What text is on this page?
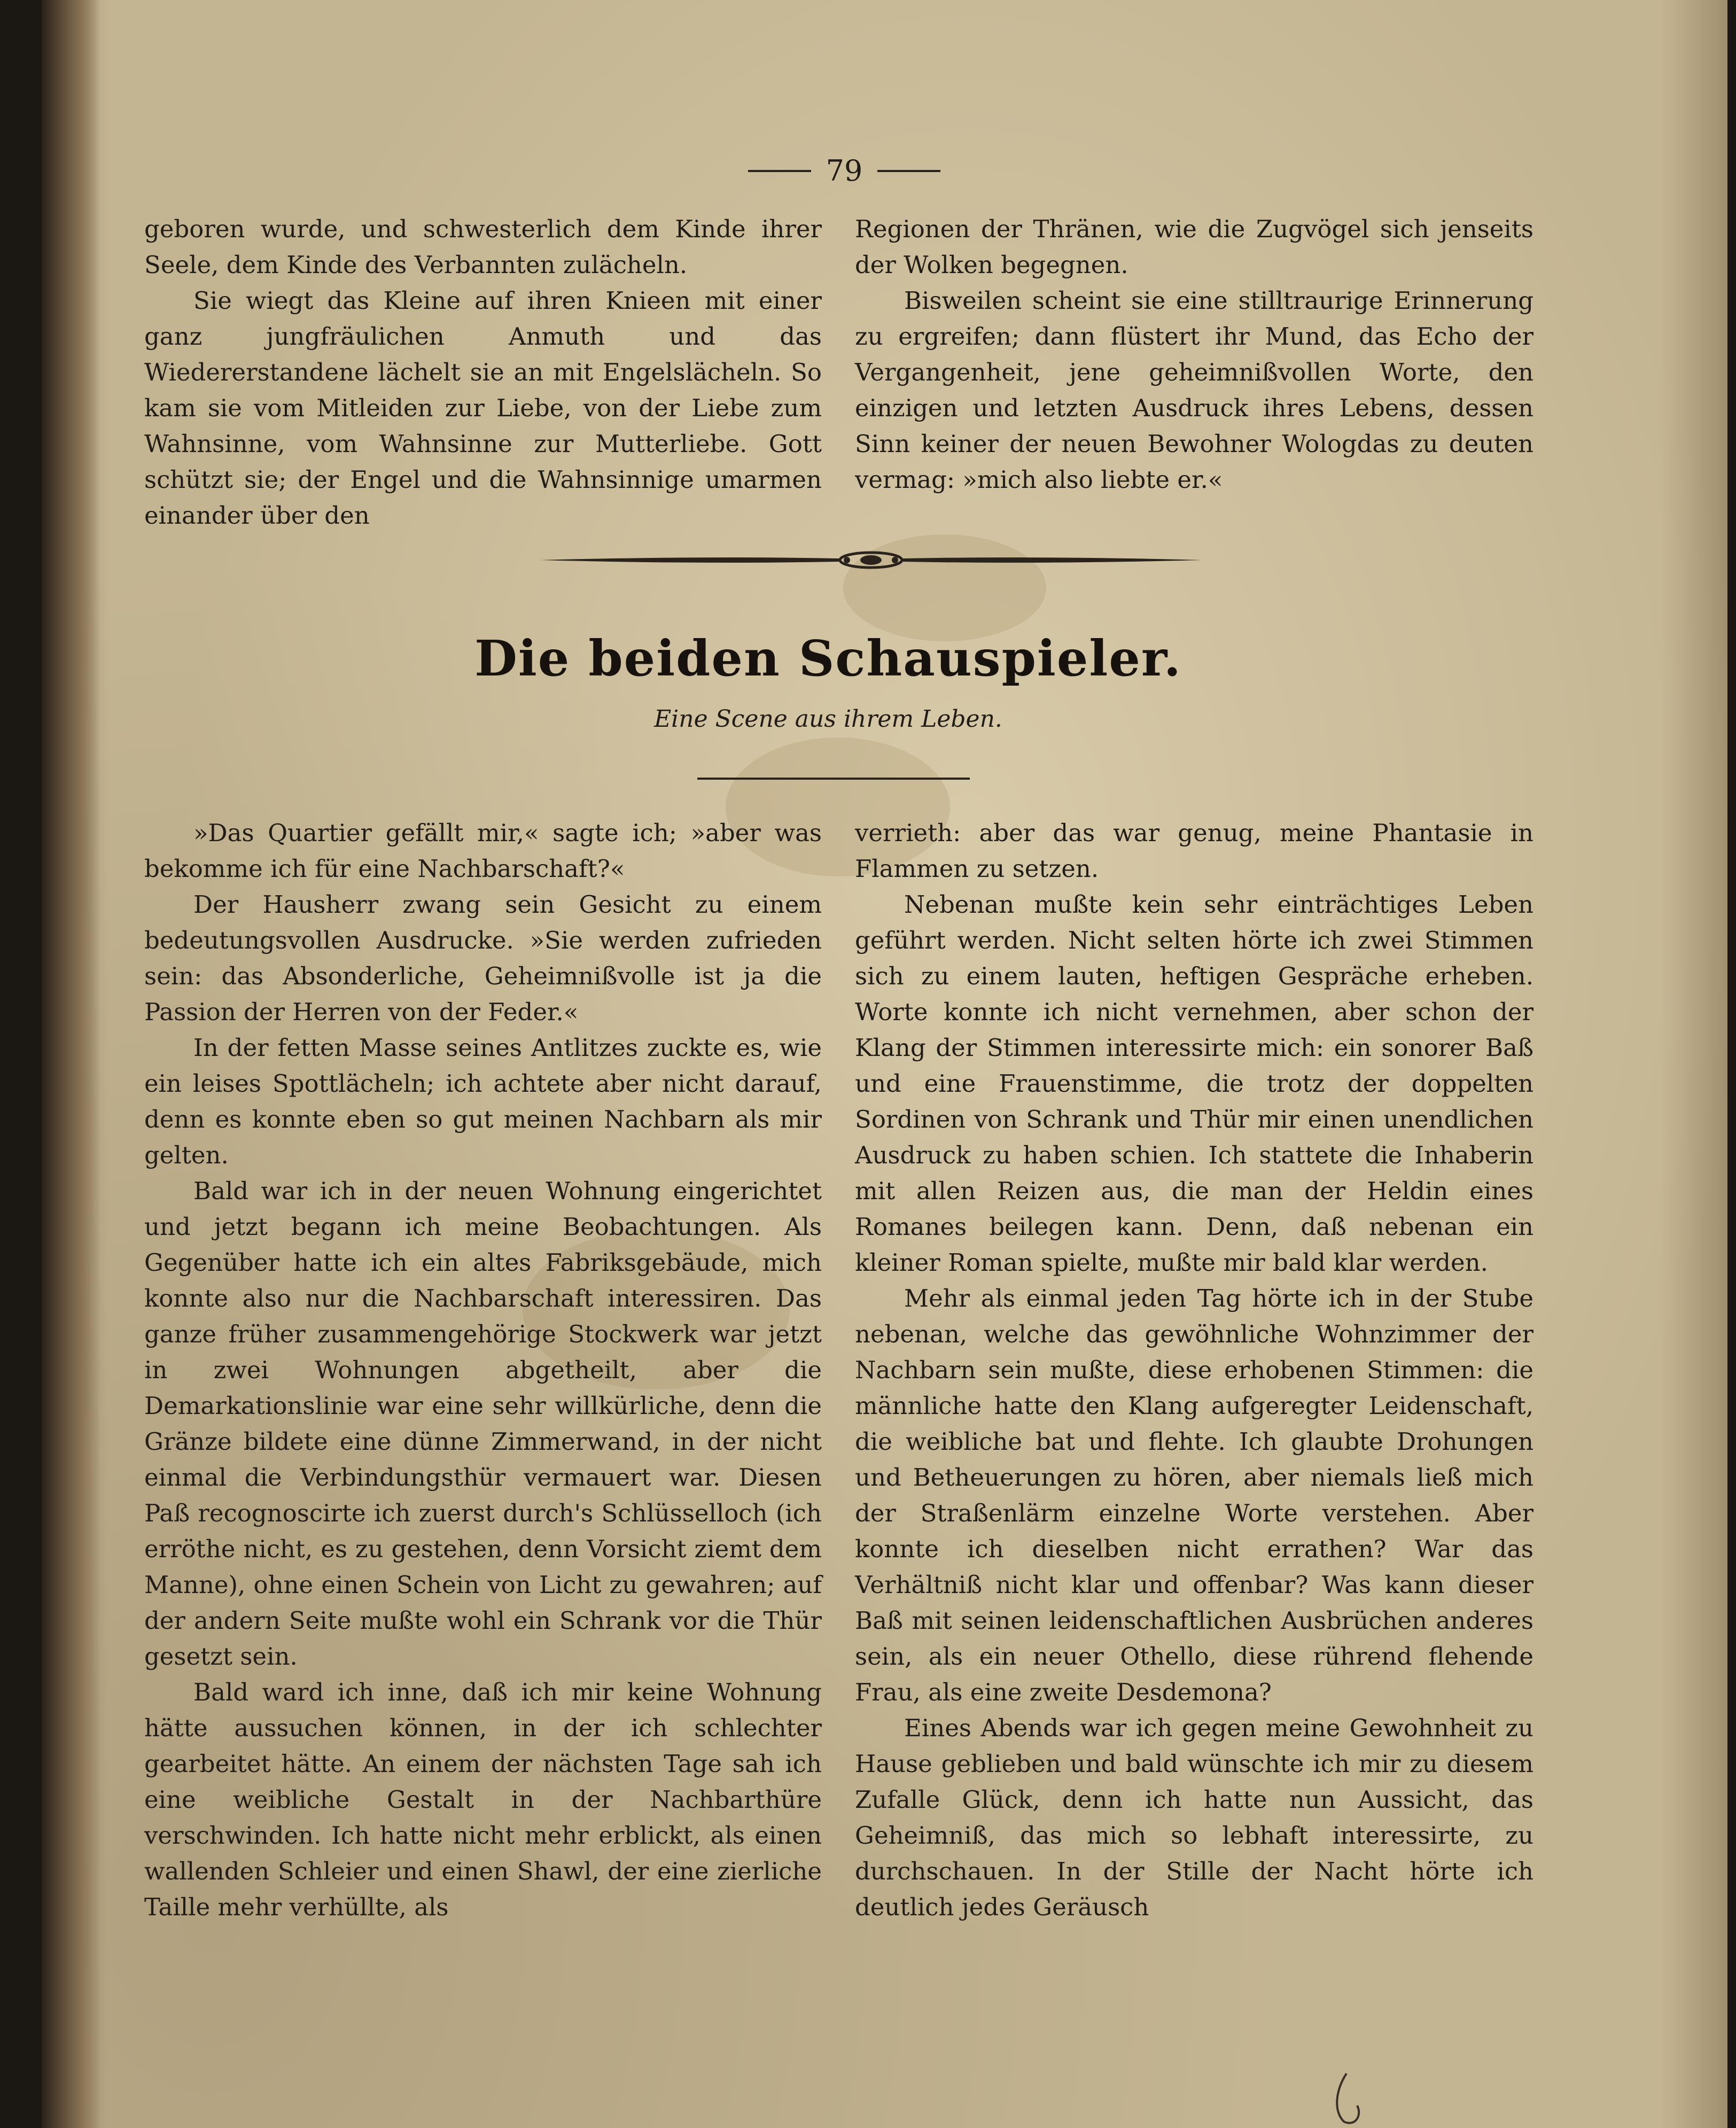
79

geboren wurde, und schwesterlich dem Kinde ihrer Seele, dem Kinde des Verbannten zulächeln.

Sie wiegt das Kleine auf ihren Knieen mit einer ganz jungfräulichen Anmuth und das Wiedererstandene lächelt sie an mit Engelslächeln. So kam sie vom Mitleiden zur Liebe, von der Liebe zum Wahnsinne, vom Wahnsinne zur Mutterliebe. Gott schützt sie; der Engel und die Wahnsinnige umarmen einander über den

Regionen der Thränen, wie die Zugvögel sich jenseits der Wolken begegnen.

Bisweilen scheint sie eine stilltraurige Erinnerung zu ergreifen; dann flüstert ihr Mund, das Echo der Vergangenheit, jene geheimnißvollen Worte, den einzigen und letzten Ausdruck ihres Lebens, dessen Sinn keiner der neuen Bewohner Wologdas zu deuten vermag: »mich also liebte er.«

Die beiden Schauspieler.
Eine Scene aus ihrem Leben.

»Das Quartier gefällt mir,« sagte ich; »aber was bekomme ich für eine Nachbarschaft?«

Der Hausherr zwang sein Gesicht zu einem bedeutungsvollen Ausdrucke. »Sie werden zufrieden sein: das Absonderliche, Geheimnißvolle ist ja die Passion der Herren von der Feder.«

In der fetten Masse seines Antlitzes zuckte es, wie ein leises Spottlächeln; ich achtete aber nicht darauf, denn es konnte eben so gut meinen Nachbarn als mir gelten.

Bald war ich in der neuen Wohnung eingerichtet und jetzt begann ich meine Beobachtungen. Als Gegenüber hatte ich ein altes Fabriksgebäude, mich konnte also nur die Nachbarschaft interessiren. Das ganze früher zusammengehörige Stockwerk war jetzt in zwei Wohnungen abgetheilt, aber die Demarkationslinie war eine sehr willkürliche, denn die Gränze bildete eine dünne Zimmerwand, in der nicht einmal die Verbindungsthür vermauert war. Diesen Paß recognoscirte ich zuerst durch's Schlüsselloch (ich erröthe nicht, es zu gestehen, denn Vorsicht ziemt dem Manne), ohne einen Schein von Licht zu gewahren; auf der andern Seite mußte wohl ein Schrank vor die Thür gesetzt sein.

Bald ward ich inne, daß ich mir keine Wohnung hätte aussuchen können, in der ich schlechter gearbeitet hätte. An einem der nächsten Tage sah ich eine weibliche Gestalt in der Nachbarthüre verschwinden. Ich hatte nicht mehr erblickt, als einen wallenden Schleier und einen Shawl, der eine zierliche Taille mehr verhüllte, als

verrieth: aber das war genug, meine Phantasie in Flammen zu setzen.

Nebenan mußte kein sehr einträchtiges Leben geführt werden. Nicht selten hörte ich zwei Stimmen sich zu einem lauten, heftigen Gespräche erheben. Worte konnte ich nicht vernehmen, aber schon der Klang der Stimmen interessirte mich: ein sonorer Baß und eine Frauenstimme, die trotz der doppelten Sordinen von Schrank und Thür mir einen unendlichen Ausdruck zu haben schien. Ich stattete die Inhaberin mit allen Reizen aus, die man der Heldin eines Romanes beilegen kann. Denn, daß nebenan ein kleiner Roman spielte, mußte mir bald klar werden.

Mehr als einmal jeden Tag hörte ich in der Stube nebenan, welche das gewöhnliche Wohnzimmer der Nachbarn sein mußte, diese erhobenen Stimmen: die männliche hatte den Klang aufgeregter Leidenschaft, die weibliche bat und flehte. Ich glaubte Drohungen und Betheuerungen zu hören, aber niemals ließ mich der Straßenlärm einzelne Worte verstehen. Aber konnte ich dieselben nicht errathen? War das Verhältniß nicht klar und offenbar? Was kann dieser Baß mit seinen leidenschaftlichen Ausbrüchen anderes sein, als ein neuer Othello, diese rührend flehende Frau, als eine zweite Desdemona?

Eines Abends war ich gegen meine Gewohnheit zu Hause geblieben und bald wünschte ich mir zu diesem Zufalle Glück, denn ich hatte nun Aussicht, das Geheimniß, das mich so lebhaft interessirte, zu durchschauen. In der Stille der Nacht hörte ich deutlich jedes Geräusch
